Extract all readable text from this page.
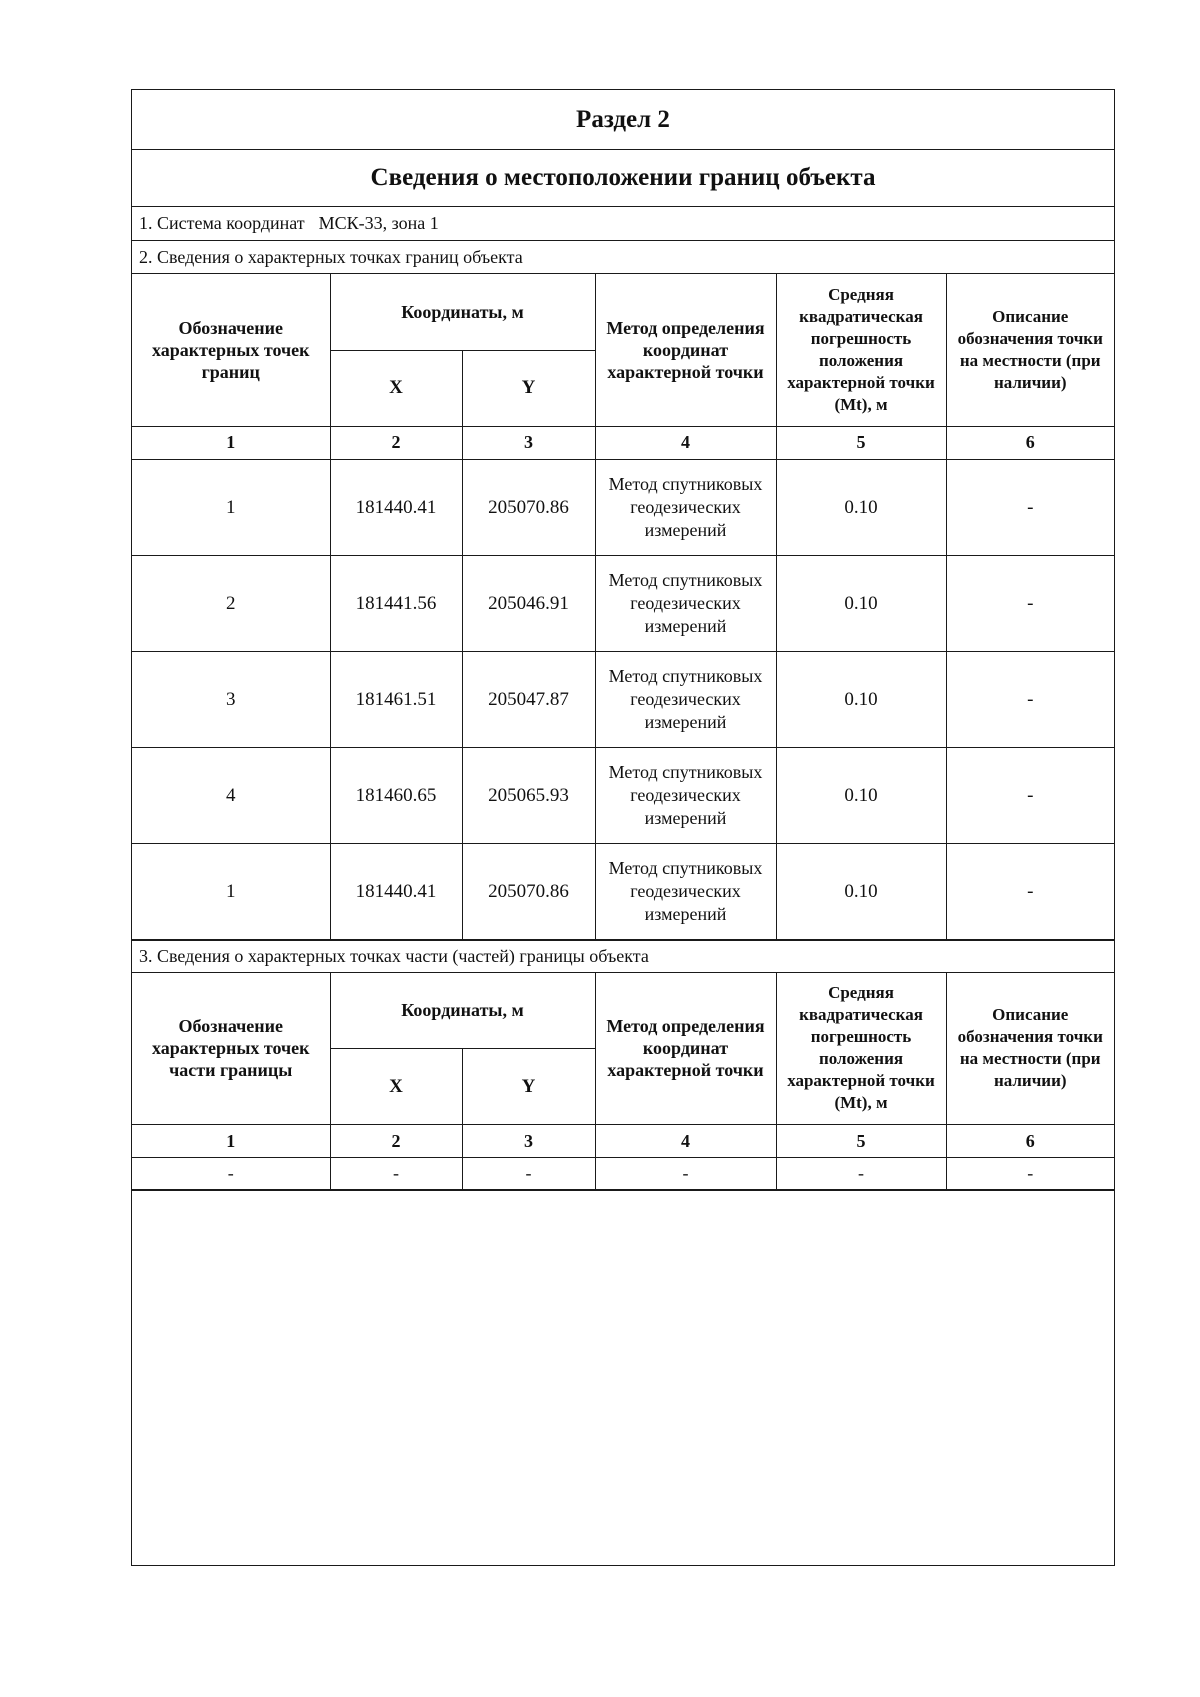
Раздел 2
Сведения о местоположении границ объекта
1. Система координат МСК-33, зона 1
2. Сведения о характерных точках границ объекта
Обозначение характерных точек границ	Координаты, м		Метод определения координат характерной точки	Средняя квадратическая погрешность положения характерной точки (Mt), м	Описание обозначения точки на местности (при наличии)
	X	Y			
1	2	3	4	5	6
1	181440.41	205070.86	Метод спутниковых геодезических измерений	0.10	-
2	181441.56	205046.91	Метод спутниковых геодезических измерений	0.10	-
3	181461.51	205047.87	Метод спутниковых геодезических измерений	0.10	-
4	181460.65	205065.93	Метод спутниковых геодезических измерений	0.10	-
1	181440.41	205070.86	Метод спутниковых геодезических измерений	0.10	-
3. Сведения о характерных точках части (частей) границы объекта
Обозначение характерных точек части границы	Координаты, м		Метод определения координат характерной точки	Средняя квадратическая погрешность положения характерной точки (Mt), м	Описание обозначения точки на местности (при наличии)
	X	Y			
1	2	3	4	5	6
-	-	-	-	-	-
